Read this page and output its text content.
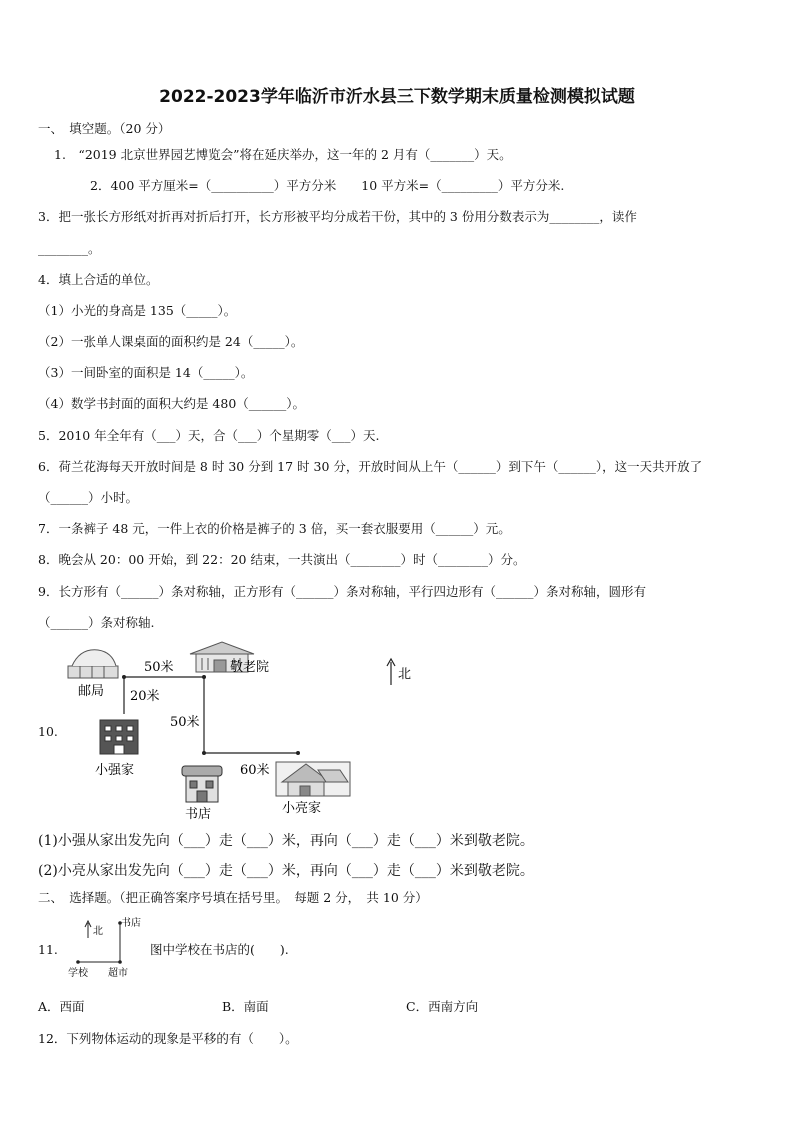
2022-2023学年临沂市沂水县三下数学期末质量检测模拟试题
一、　填空题。（20 分）
1.　“2019 北京世界园艺博览会”将在延庆举办，这一年的 2 月有（_______）天。
2．400 平方厘米=（__________）平方分米　　10 平方米=（_________）平方分米.
3．把一张长方形纸对折再对折后打开，长方形被平均分成若干份，其中的 3 份用分数表示为________，读作
________。
4．填上合适的单位。
（1）小光的身高是 135（_____）。
（2）一张单人课桌面的面积约是 24（_____）。
（3）一间卧室的面积是 14（_____）。
（4）数学书封面的面积大约是 480（______）。
5．2010 年全年有（___）天，合（___）个星期零（___）天.
6．荷兰花海每天开放时间是 8 时 30 分到 17 时 30 分，开放时间从上午（______）到下午（______），这一天共开放了
（______）小时。
7．一条裤子 48 元，一件上衣的价格是裤子的 3 倍，买一套衣服要用（______）元。
8．晚会从 20：00 开始，到 22：20 结束，一共演出（________）时（________）分。
9．长方形有（______）条对称轴，正方形有（______）条对称轴，平行四边形有（______）条对称轴，圆形有
（______）条对称轴.
10.
邮局
敬老院	北
50米
20米
50米
60米
小强家
书店	小亮家
(1)小强从家出发先向（___）走（___）米，再向（___）走（___）米到敬老院。
(2)小亮从家出发先向（___）走（___）米，再向（___）走（___）米到敬老院。
二、　选择题。（把正确答案序号填在括号里。　每题 2 分，　共 10 分）
11.
北
书店
学校 超市
图中学校在书店的(　　).
A．西面	B．南面	C．西南方向
12．下列物体运动的现象是平移的有（　　）。
